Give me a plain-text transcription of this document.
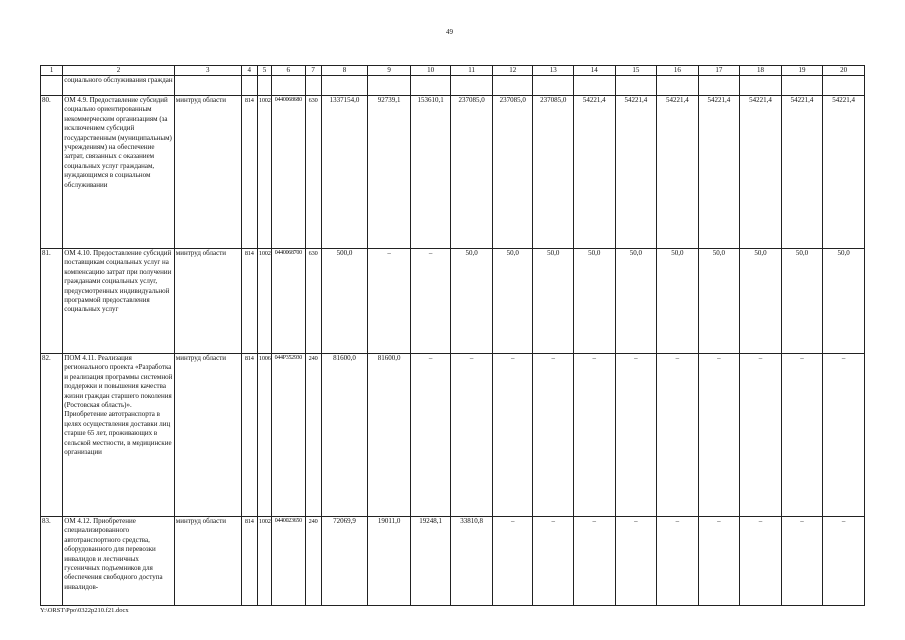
49
1	2	3	4	5	6	7	8	9	10	11	12	13	14	15	16	17	18	19	20
	социального обслуживания граждан																		
80.	ОМ 4.9. Предоставление субсидий социально ориентированным некоммерческим организациям (за исключением субсидий государственным (муниципальным) учреждениям) на обеспечение затрат, связанных с оказанием социальных услуг гражданам, нуждающимся в социальном обслуживании	минтруд области	814	1002	0440068680	630	1337154,0	92739,1	153610,1	237085,0	237085,0	237085,0	54221,4	54221,4	54221,4	54221,4	54221,4	54221,4	54221,4
81.	ОМ 4.10. Предоставление субсидий поставщикам социальных услуг на компенсацию затрат при получении гражданами социальных услуг, предусмотренных индивидуальной программой предоставления социальных услуг	минтруд области	814	1002	0440068700	630	500,0	–	–	50,0	50,0	50,0	50,0	50,0	50,0	50,0	50,0	50,0	50,0
82.	ПОМ 4.11. Реализация регионального проекта «Разработка и реализация программы системной поддержки и повышения качества жизни граждан старшего поколения (Ростовская область)». Приобретение автотранспорта в целях осуществления доставки лиц старше 65 лет, проживающих в сельской местности, в медицинские организации	минтруд области	814	1006	044P352930	240	81600,0	81600,0	–	–	–	–	–	–	–	–	–	–	–
83.	ОМ 4.12. Приобретение специализированного автотранспортного средства, оборудованного для перевозки инвалидов и лестничных гусеничных подъемников для обеспечения свободного доступа инвалидов-	минтруд области	814	1002	0440023650	240	72069,9	19011,0	19248,1	33810,8	–	–	–	–	–	–	–	–	–
Y:\ORST\Ppo\0322p210.f21.docx
